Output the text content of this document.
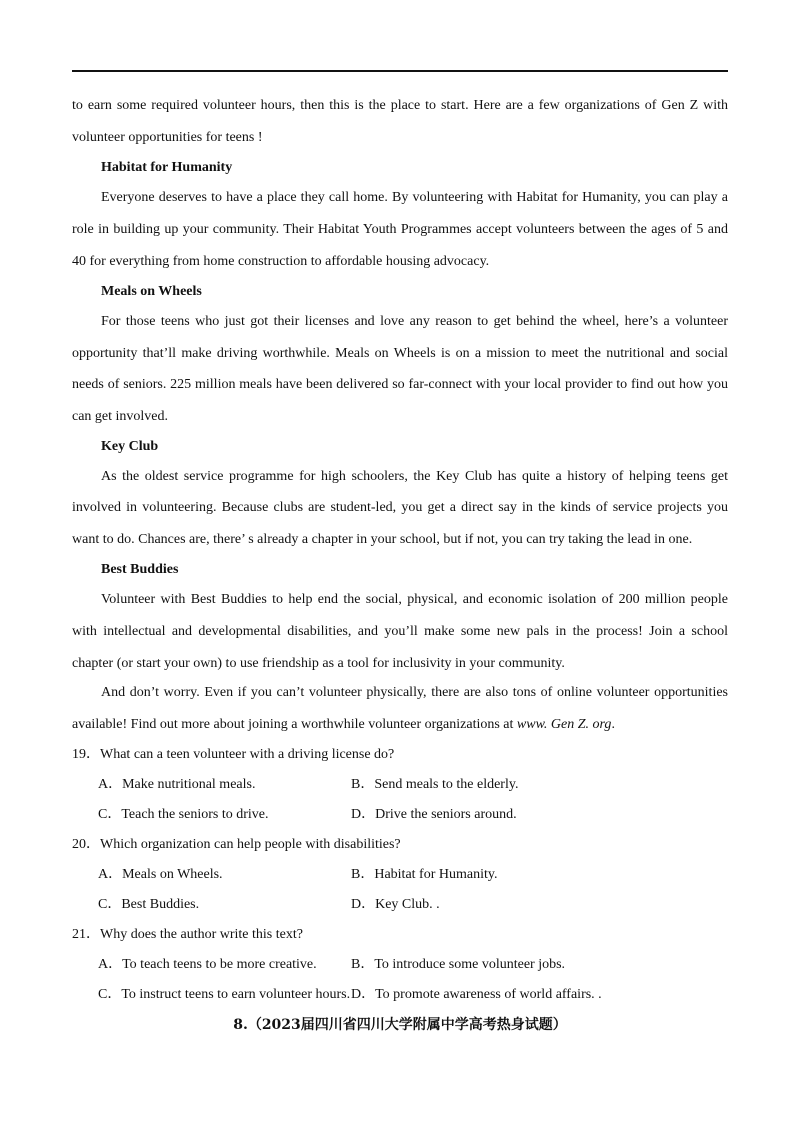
to earn some required volunteer hours, then this is the place to start. Here are a few organizations of Gen Z with
volunteer opportunities for teens !
Habitat for Humanity
Everyone deserves to have a place they call home. By volunteering with Habitat for Humanity, you can play a
role in building up your community. Their Habitat Youth Programmes accept volunteers between the ages of 5 and
40 for everything from home construction to affordable housing advocacy.
Meals on Wheels
For those teens who just got their licenses and love any reason to get behind the wheel, here’s a volunteer
opportunity that’ll make driving worthwhile. Meals on Wheels is on a mission to meet the nutritional and social
needs of seniors. 225 million meals have been delivered so far-connect with your local provider to find out how you
can get involved.
Key Club
As the oldest service programme for high schoolers, the Key Club has quite a history of helping teens get
involved in volunteering. Because clubs are student-led, you get a direct say in the kinds of service projects you
want to do. Chances are, there’ s already a chapter in your school, but if not, you can try taking the lead in one.
Best Buddies
Volunteer with Best Buddies to help end the social, physical, and economic isolation of 200 million people
with intellectual and developmental disabilities, and you’ll make some new pals in the process! Join a school
chapter (or start your own) to use friendship as a tool for inclusivity in your community.
And don’t worry. Even if you can’t volunteer physically, there are also tons of online volunteer opportunities
available! Find out more about joining a worthwhile volunteer organizations at www. Gen Z. org.
19．What can a teen volunteer with a driving license do?
A．Make nutritional meals.	B．Send meals to the elderly.
C．Teach the seniors to drive.	D．Drive the seniors around.
20．Which organization can help people with disabilities?
A．Meals on Wheels.	B．Habitat for Humanity.
C．Best Buddies.	D．Key Club. .
21．Why does the author write this text?
A．To teach teens to be more creative. B．To introduce some volunteer jobs.
C．To instruct teens to earn volunteer hours. D．To promote awareness of world affairs. .
8.（2023届四川省四川大学附属中学高考热身试题）
